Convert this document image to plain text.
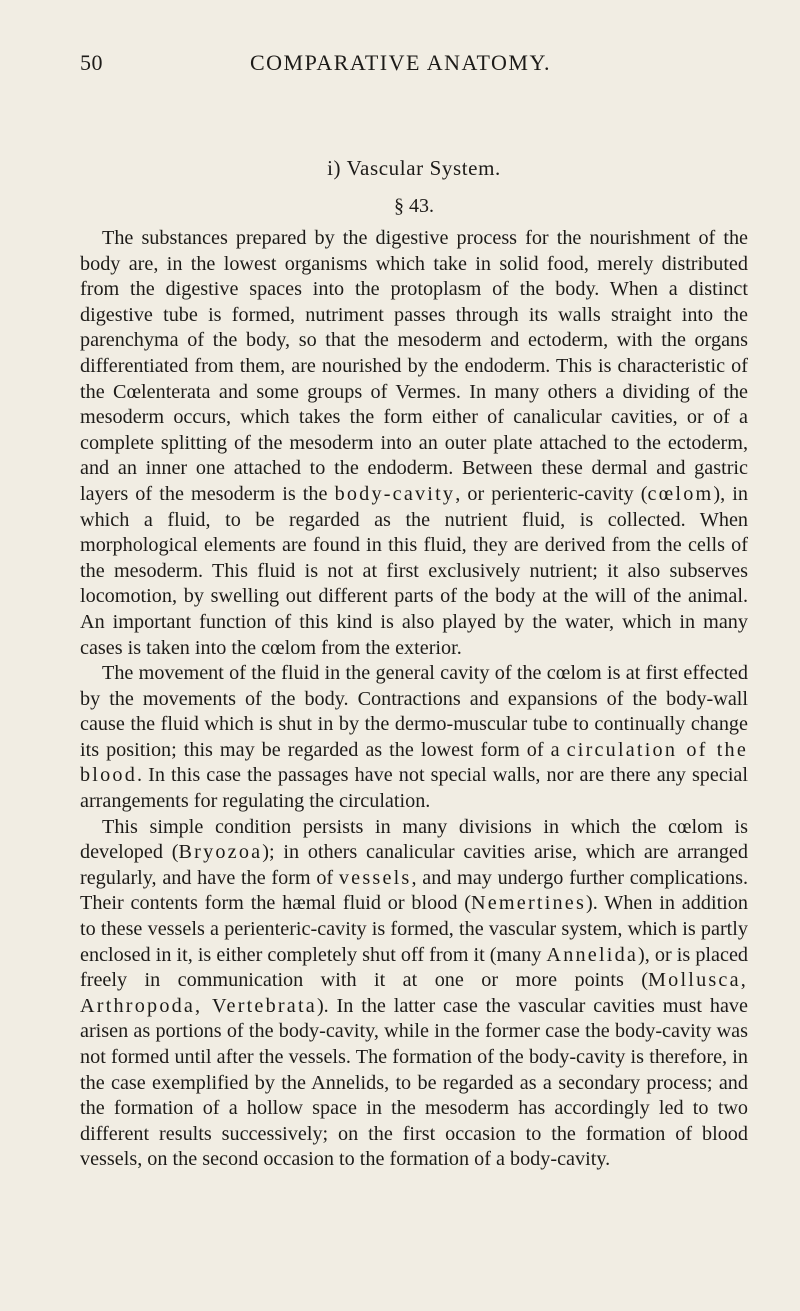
50	COMPARATIVE ANATOMY.
i) Vascular System.
§ 43.

The substances prepared by the digestive process for the nourishment of the body are, in the lowest organisms which take in solid food, merely distributed from the digestive spaces into the protoplasm of the body. When a distinct digestive tube is formed, nutriment passes through its walls straight into the parenchyma of the body, so that the mesoderm and ectoderm, with the organs differentiated from them, are nourished by the endoderm. This is characteristic of the Cœlenterata and some groups of Vermes. In many others a dividing of the mesoderm occurs, which takes the form either of canalicular cavities, or of a complete splitting of the mesoderm into an outer plate attached to the ectoderm, and an inner one attached to the endoderm. Between these dermal and gastric layers of the mesoderm is the body-cavity, or perienteric-cavity (cœlom), in which a fluid, to be regarded as the nutrient fluid, is collected. When morphological elements are found in this fluid, they are derived from the cells of the mesoderm. This fluid is not at first exclusively nutrient; it also subserves locomotion, by swelling out different parts of the body at the will of the animal. An important function of this kind is also played by the water, which in many cases is taken into the cœlom from the exterior.

The movement of the fluid in the general cavity of the cœlom is at first effected by the movements of the body. Contractions and expansions of the body-wall cause the fluid which is shut in by the dermo-muscular tube to continually change its position; this may be regarded as the lowest form of a circulation of the blood. In this case the passages have not special walls, nor are there any special arrangements for regulating the circulation.

This simple condition persists in many divisions in which the cœlom is developed (Bryozoa); in others canalicular cavities arise, which are arranged regularly, and have the form of vessels, and may undergo further complications. Their contents form the hæmal fluid or blood (Nemertines). When in addition to these vessels a perienteric-cavity is formed, the vascular system, which is partly enclosed in it, is either completely shut off from it (many Annelida), or is placed freely in communication with it at one or more points (Mollusca, Arthropoda, Vertebrata). In the latter case the vascular cavities must have arisen as portions of the body-cavity, while in the former case the body-cavity was not formed until after the vessels. The formation of the body-cavity is therefore, in the case exemplified by the Annelids, to be regarded as a secondary process; and the formation of a hollow space in the mesoderm has accordingly led to two different results successively; on the first occasion to the formation of blood vessels, on the second occasion to the formation of a body-cavity.
